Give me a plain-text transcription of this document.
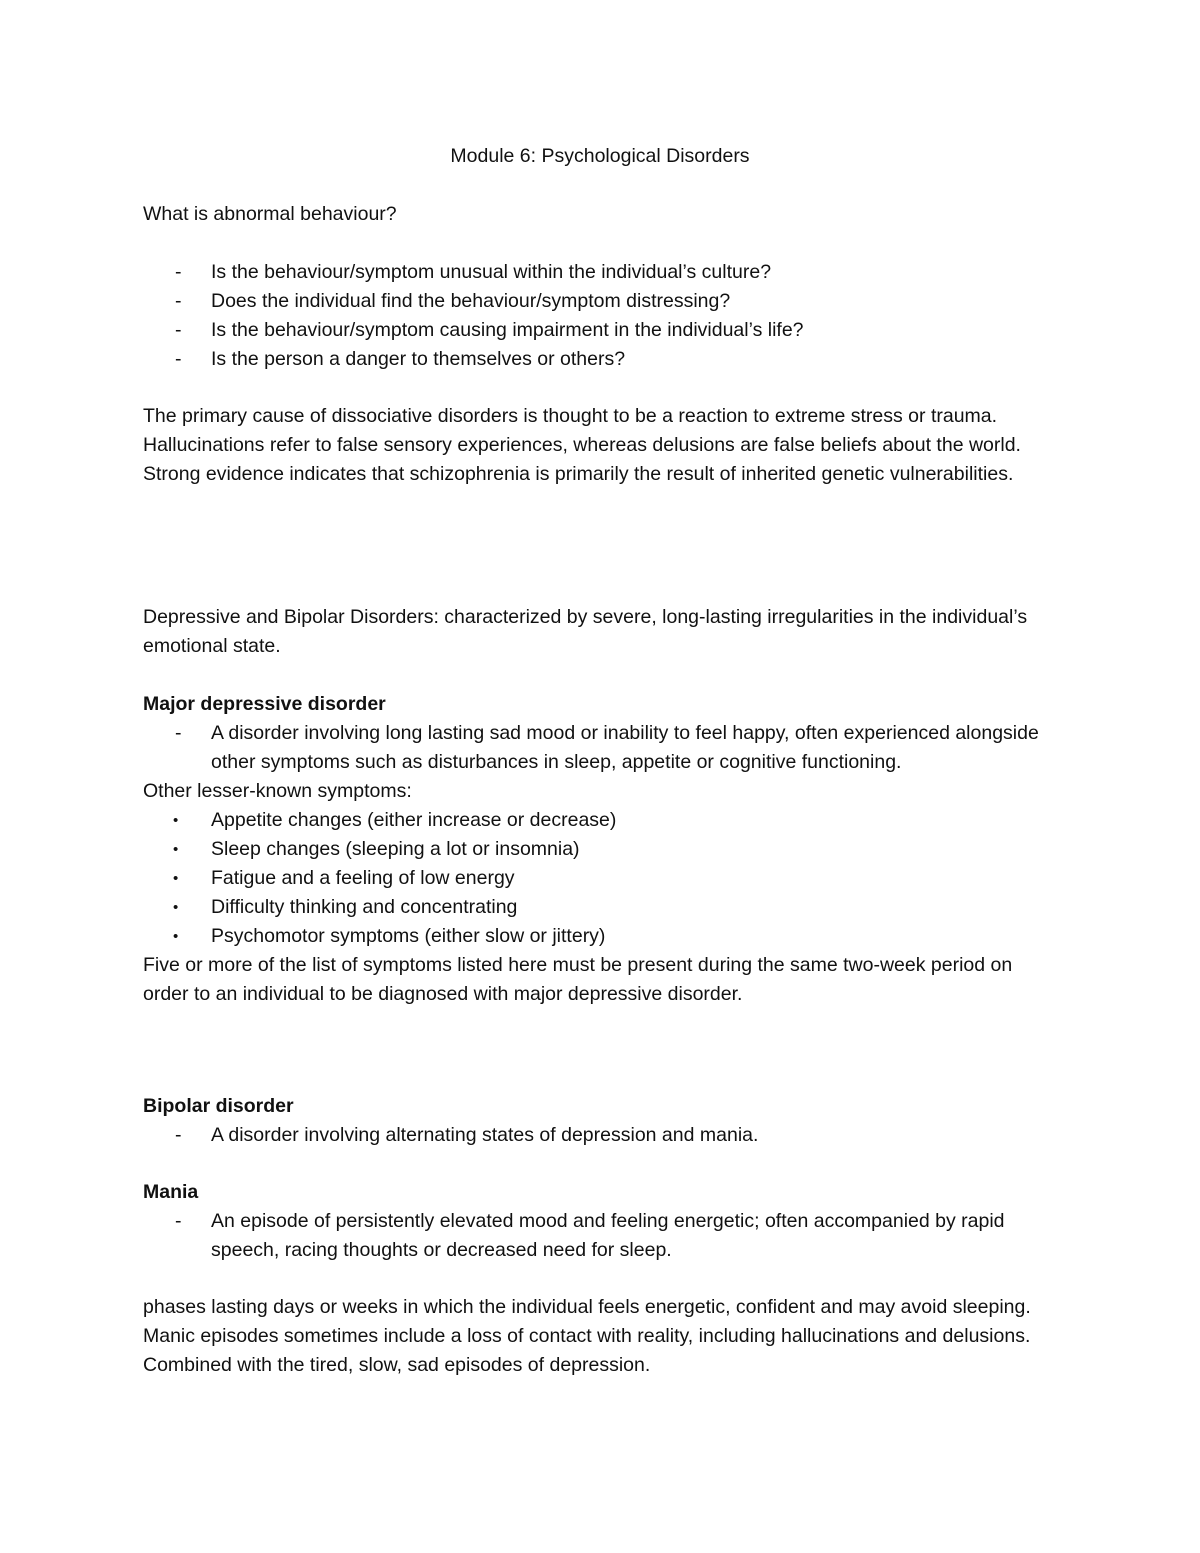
Module 6: Psychological Disorders

What is abnormal behaviour?

-	Is the behaviour/symptom unusual within the individual’s culture?
-	Does the individual find the behaviour/symptom distressing?
-	Is the behaviour/symptom causing impairment in the individual’s life?
-	Is the person a danger to themselves or others?

The primary cause of dissociative disorders is thought to be a reaction to extreme stress or trauma.

Hallucinations refer to false sensory experiences, whereas delusions are false beliefs about the world.

Strong evidence indicates that schizophrenia is primarily the result of inherited genetic vulnerabilities.

Depressive and Bipolar Disorders: characterized by severe, long-lasting irregularities in the individual’s emotional state.

Major depressive disorder

-	A disorder involving long lasting sad mood or inability to feel happy, often experienced alongside other symptoms such as disturbances in sleep, appetite or cognitive functioning.

Other lesser-known symptoms:

•	Appetite changes (either increase or decrease)
•	Sleep changes (sleeping a lot or insomnia)
•	Fatigue and a feeling of low energy
•	Difficulty thinking and concentrating
•	Psychomotor symptoms (either slow or jittery)

Five or more of the list of symptoms listed here must be present during the same two-week period on order to an individual to be diagnosed with major depressive disorder.

Bipolar disorder

-	A disorder involving alternating states of depression and mania.

Mania

-	An episode of persistently elevated mood and feeling energetic; often accompanied by rapid speech, racing thoughts or decreased need for sleep.

phases lasting days or weeks in which the individual feels energetic, confident and may avoid sleeping. Manic episodes sometimes include a loss of contact with reality, including hallucinations and delusions. Combined with the tired, slow, sad episodes of depression.
